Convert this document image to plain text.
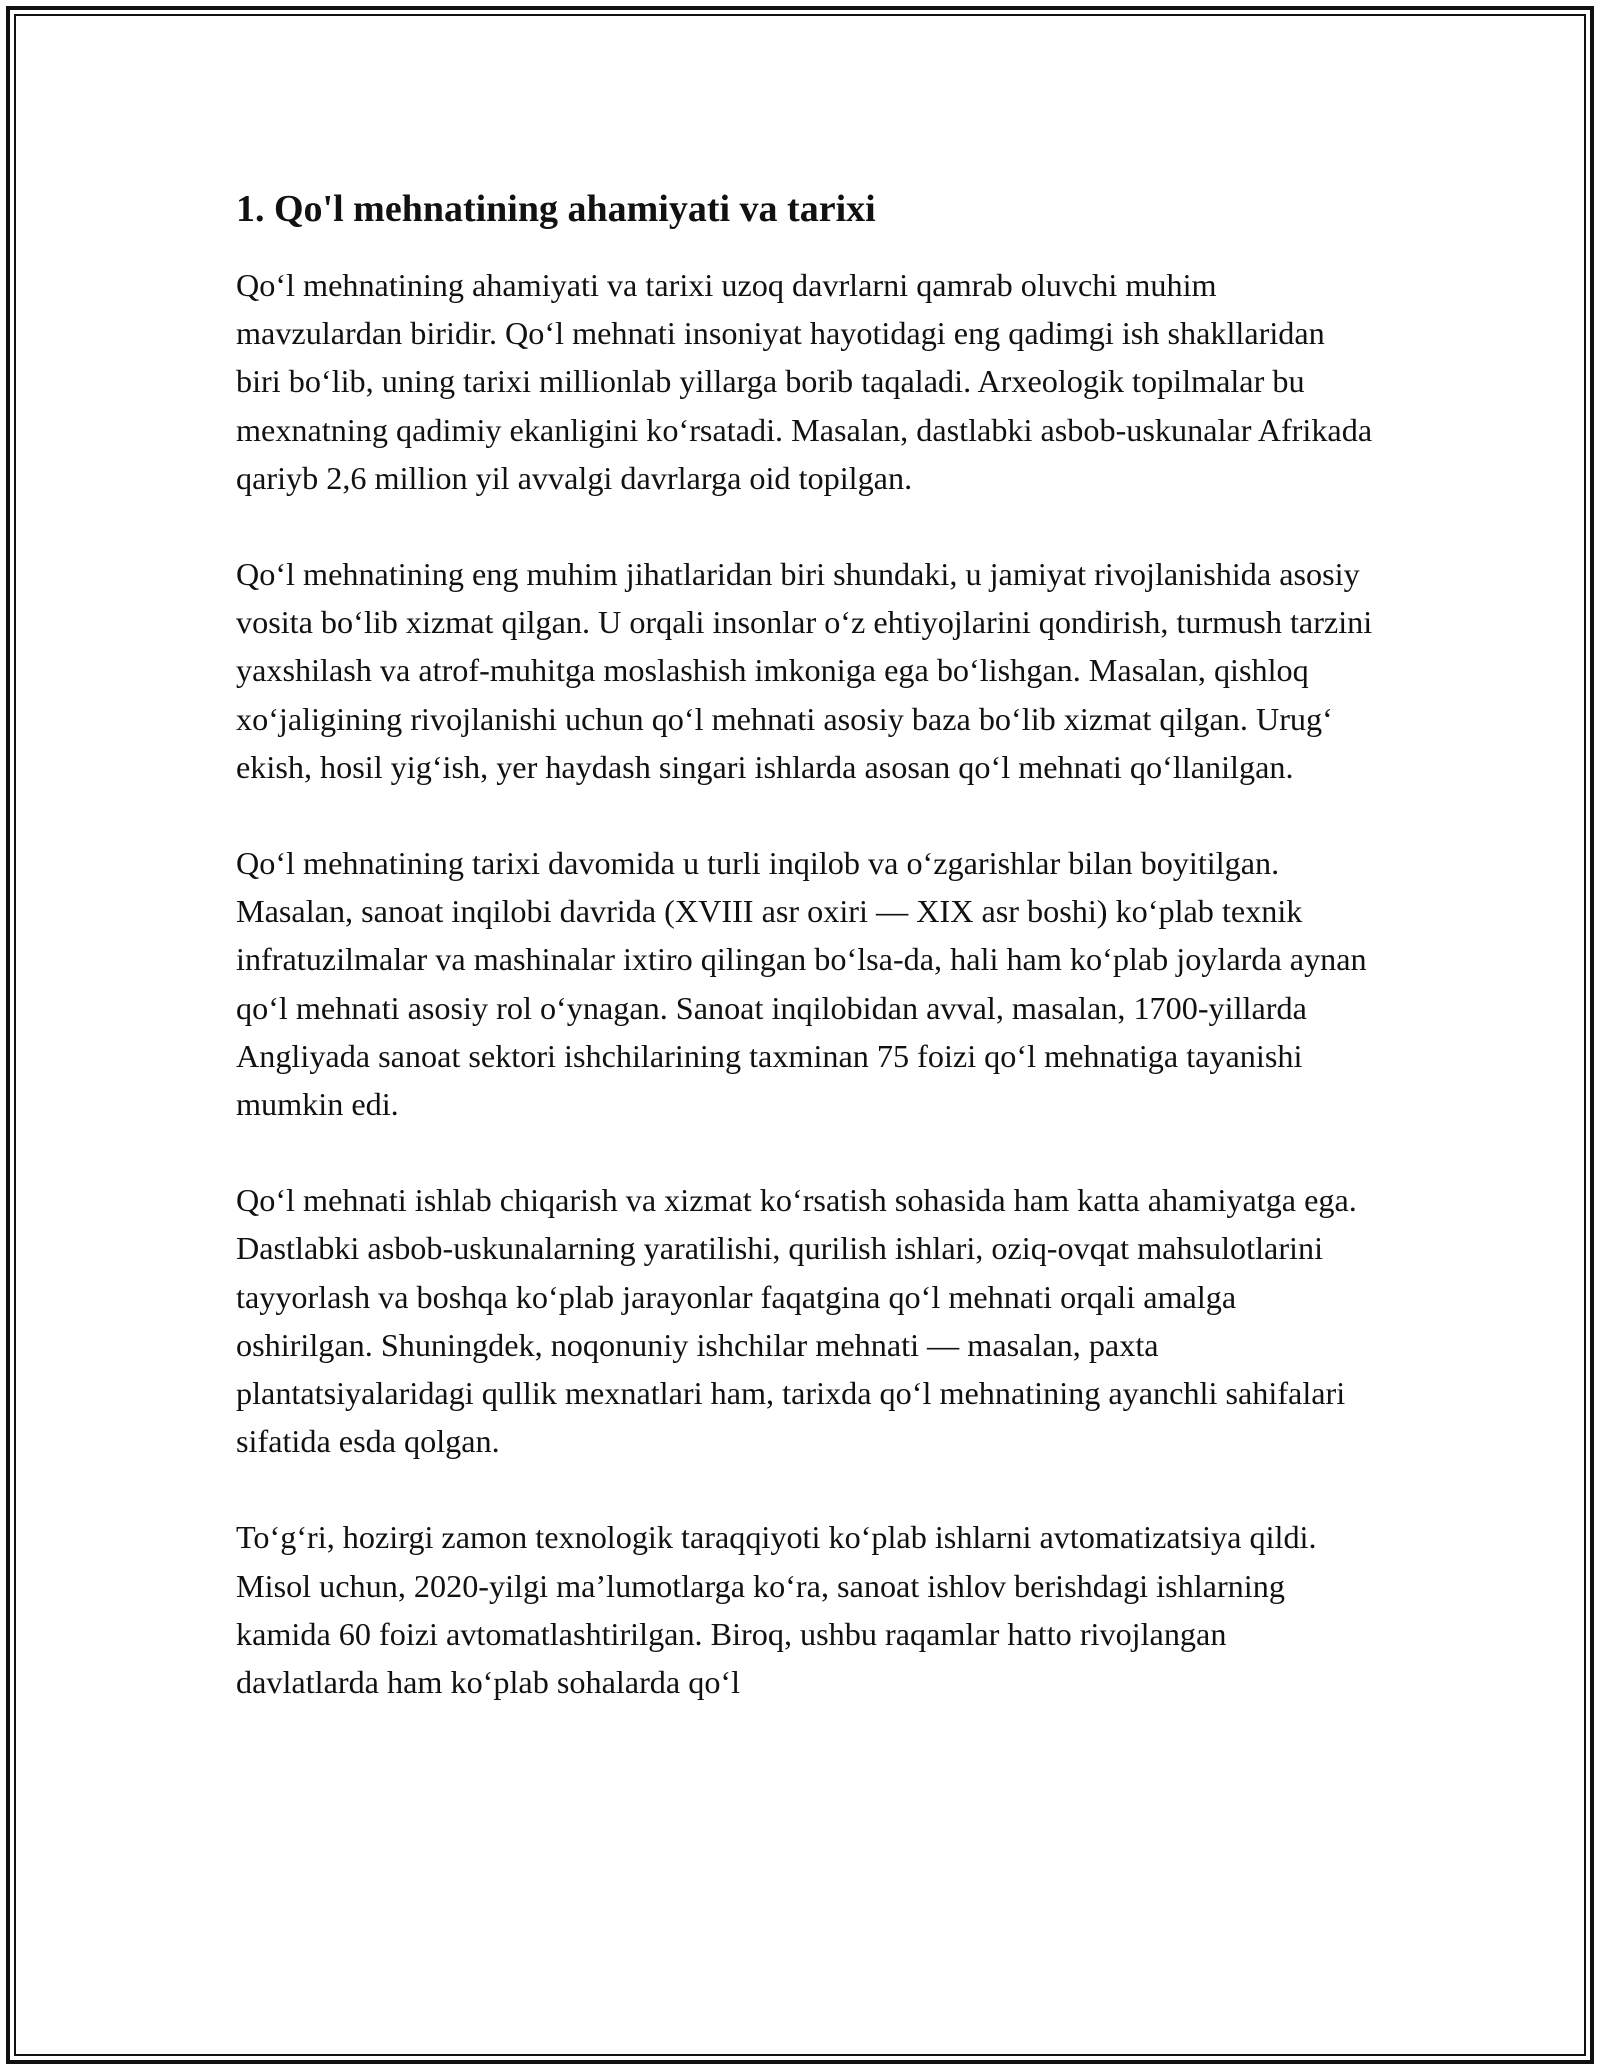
1. Qo'l mehnatining ahamiyati va tarixi

Qo‘l mehnatining ahamiyati va tarixi uzoq davrlarni qamrab oluvchi muhim mavzulardan biridir. Qo‘l mehnati insoniyat hayotidagi eng qadimgi ish shakllaridan biri bo‘lib, uning tarixi millionlab yillarga borib taqaladi. Arxeologik topilmalar bu mexnatning qadimiy ekanligini ko‘rsatadi. Masalan, dastlabki asbob-uskunalar Afrikada qariyb 2,6 million yil avvalgi davrlarga oid topilgan.

Qo‘l mehnatining eng muhim jihatlaridan biri shundaki, u jamiyat rivojlanishida asosiy vosita bo‘lib xizmat qilgan. U orqali insonlar o‘z ehtiyojlarini qondirish, turmush tarzini yaxshilash va atrof-muhitga moslashish imkoniga ega bo‘lishgan. Masalan, qishloq xo‘jaligining rivojlanishi uchun qo‘l mehnati asosiy baza bo‘lib xizmat qilgan. Urug‘ ekish, hosil yig‘ish, yer haydash singari ishlarda asosan qo‘l mehnati qo‘llanilgan.

Qo‘l mehnatining tarixi davomida u turli inqilob va o‘zgarishlar bilan boyitilgan. Masalan, sanoat inqilobi davrida (XVIII asr oxiri — XIX asr boshi) ko‘plab texnik infratuzilmalar va mashinalar ixtiro qilingan bo‘lsa-da, hali ham ko‘plab joylarda aynan qo‘l mehnati asosiy rol o‘ynagan. Sanoat inqilobidan avval, masalan, 1700-yillarda Angliyada sanoat sektori ishchilarining taxminan 75 foizi qo‘l mehnatiga tayanishi mumkin edi.

Qo‘l mehnati ishlab chiqarish va xizmat ko‘rsatish sohasida ham katta ahamiyatga ega. Dastlabki asbob-uskunalarning yaratilishi, qurilish ishlari, oziq-ovqat mahsulotlarini tayyorlash va boshqa ko‘plab jarayonlar faqatgina qo‘l mehnati orqali amalga oshirilgan. Shuningdek, noqonuniy ishchilar mehnati — masalan, paxta plantatsiyalaridagi qullik mexnatlari ham, tarixda qo‘l mehnatining ayanchli sahifalari sifatida esda qolgan.

To‘g‘ri, hozirgi zamon texnologik taraqqiyoti ko‘plab ishlarni avtomatizatsiya qildi. Misol uchun, 2020-yilgi ma’lumotlarga ko‘ra, sanoat ishlov berishdagi ishlarning kamida 60 foizi avtomatlashtirilgan. Biroq, ushbu raqamlar hatto rivojlangan davlatlarda ham ko‘plab sohalarda qo‘l
